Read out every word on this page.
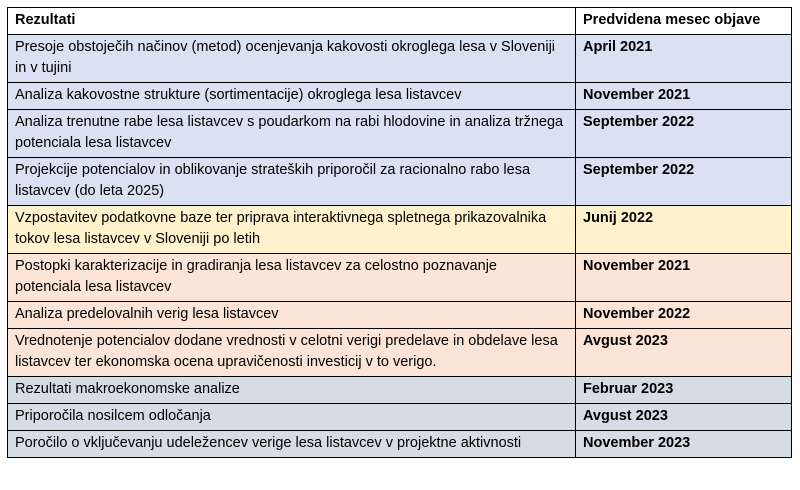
Rezultati	Predvidena mesec objave
Presoje obstoječih načinov (metod) ocenjevanja kakovosti okroglega lesa v Sloveniji in v tujini	April 2021
Analiza kakovostne strukture (sortimentacije) okroglega lesa listavcev	November 2021
Analiza trenutne rabe lesa listavcev s poudarkom na rabi hlodovine in analiza tržnega potenciala lesa listavcev	September 2022
Projekcije potencialov in oblikovanje strateških priporočil za racionalno rabo lesa listavcev (do leta 2025)	September 2022
Vzpostavitev podatkovne baze ter priprava interaktivnega spletnega prikazovalnika tokov lesa listavcev v Sloveniji po letih	Junij 2022
Postopki karakterizacije in gradiranja lesa listavcev za celostno poznavanje potenciala lesa listavcev	November 2021
Analiza predelovalnih verig lesa listavcev	November 2022
Vrednotenje potencialov dodane vrednosti v celotni verigi predelave in obdelave lesa listavcev ter ekonomska ocena upravičenosti investicij v to verigo.	Avgust 2023
Rezultati makroekonomske analize	Februar 2023
Priporočila nosilcem odločanja	Avgust 2023
Poročilo o vključevanju udeležencev verige lesa listavcev v projektne aktivnosti	November 2023
